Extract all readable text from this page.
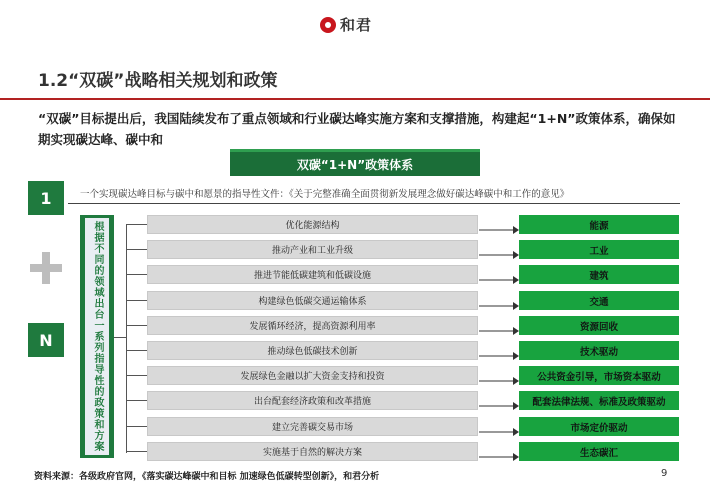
和君
1.2“双碳”战略相关规划和政策
“双碳”目标提出后，我国陆续发布了重点领域和行业碳达峰实施方案和支撑措施，构建起“1+N”政策体系，确保如期实现碳达峰、碳中和
双碳“1+N”政策体系
1
N
一个实现碳达峰目标与碳中和愿景的指导性文件：《关于完整准确全面贯彻新发展理念做好碳达峰碳中和工作的意见》
根据不同的领域出台一系列指导性的政策和方案	优化能源结构	能源
推动产业和工业升级	工业
推进节能低碳建筑和低碳设施	建筑
构建绿色低碳交通运输体系	交通
发展循环经济，提高资源利用率	资源回收
推动绿色低碳技术创新	技术驱动
发展绿色金融以扩大资金支持和投资	公共资金引导，市场资本驱动
出台配套经济政策和改革措施	配套法律法规、标准及政策驱动
建立完善碳交易市场	市场定价驱动
实施基于自然的解决方案	生态碳汇
资料来源：各级政府官网，《落实碳达峰碳中和目标 加速绿色低碳转型创新》，和君分析	9
